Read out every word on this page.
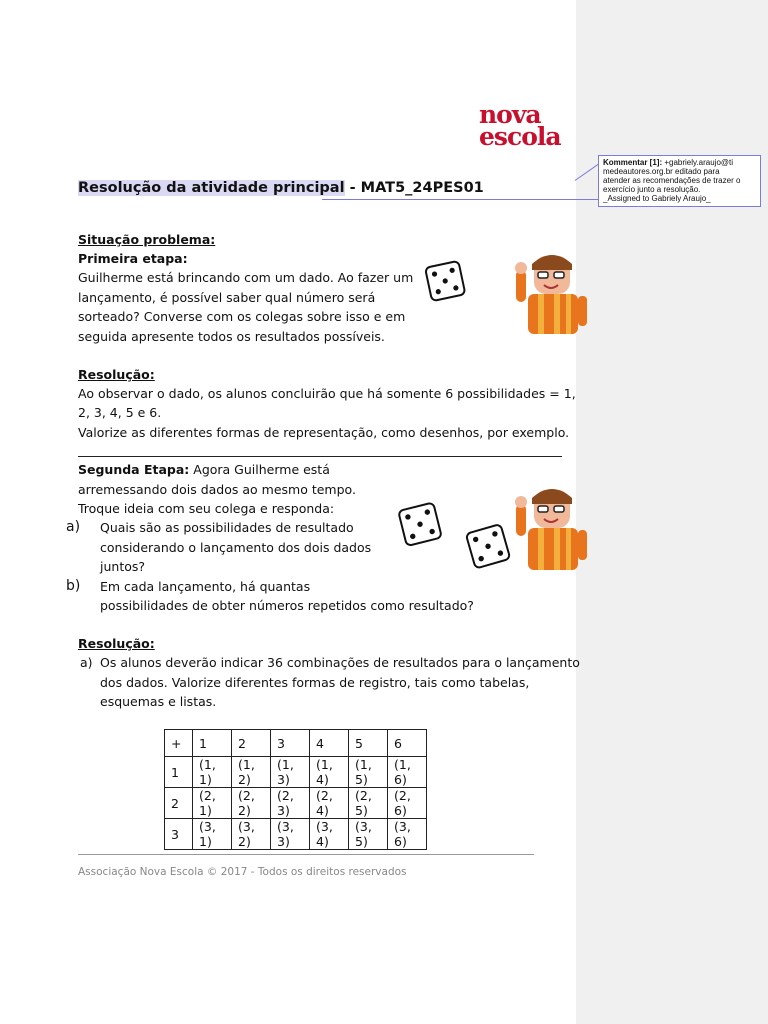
nova
escola
Resolução da atividade principal - MAT5_24PES01
Kommentar [1]: +gabriely.araujo@ti
medeautores.org.br editado para
atender as recomendações de trazer o
exercício junto a resolução.
_Assigned to Gabriely Araujo_
Situação problema:
Primeira etapa:
Guilherme está brincando com um dado. Ao fazer um
lançamento, é possível saber qual número será
sorteado? Converse com os colegas sobre isso e em
seguida apresente todos os resultados possíveis.
Resolução:
Ao observar o dado, os alunos concluirão que há somente 6 possibilidades = 1,
2, 3, 4, 5 e 6.
Valorize as diferentes formas de representação, como desenhos, por exemplo.
Segunda Etapa: Agora Guilherme está
arremessando dois dados ao mesmo tempo.
Troque ideia com seu colega e responda:
a) Quais são as possibilidades de resultado
considerando o lançamento dos dois dados
juntos?
b) Em cada lançamento, há quantas
possibilidades de obter números repetidos como resultado?
Resolução:
a) Os alunos deverão indicar 36 combinações de resultados para o lançamento
dos dados. Valorize diferentes formas de registro, tais como tabelas,
esquemas e listas.
+	1	2	3	4	5	6
1	(1, 1)	(1, 2)	(1, 3)	(1, 4)	(1, 5)	(1, 6)
2	(2, 1)	(2, 2)	(2, 3)	(2, 4)	(2, 5)	(2, 6)
3	(3, 1)	(3, 2)	(3, 3)	(3, 4)	(3, 5)	(3, 6)
Associação Nova Escola © 2017 - Todos os direitos reservados
